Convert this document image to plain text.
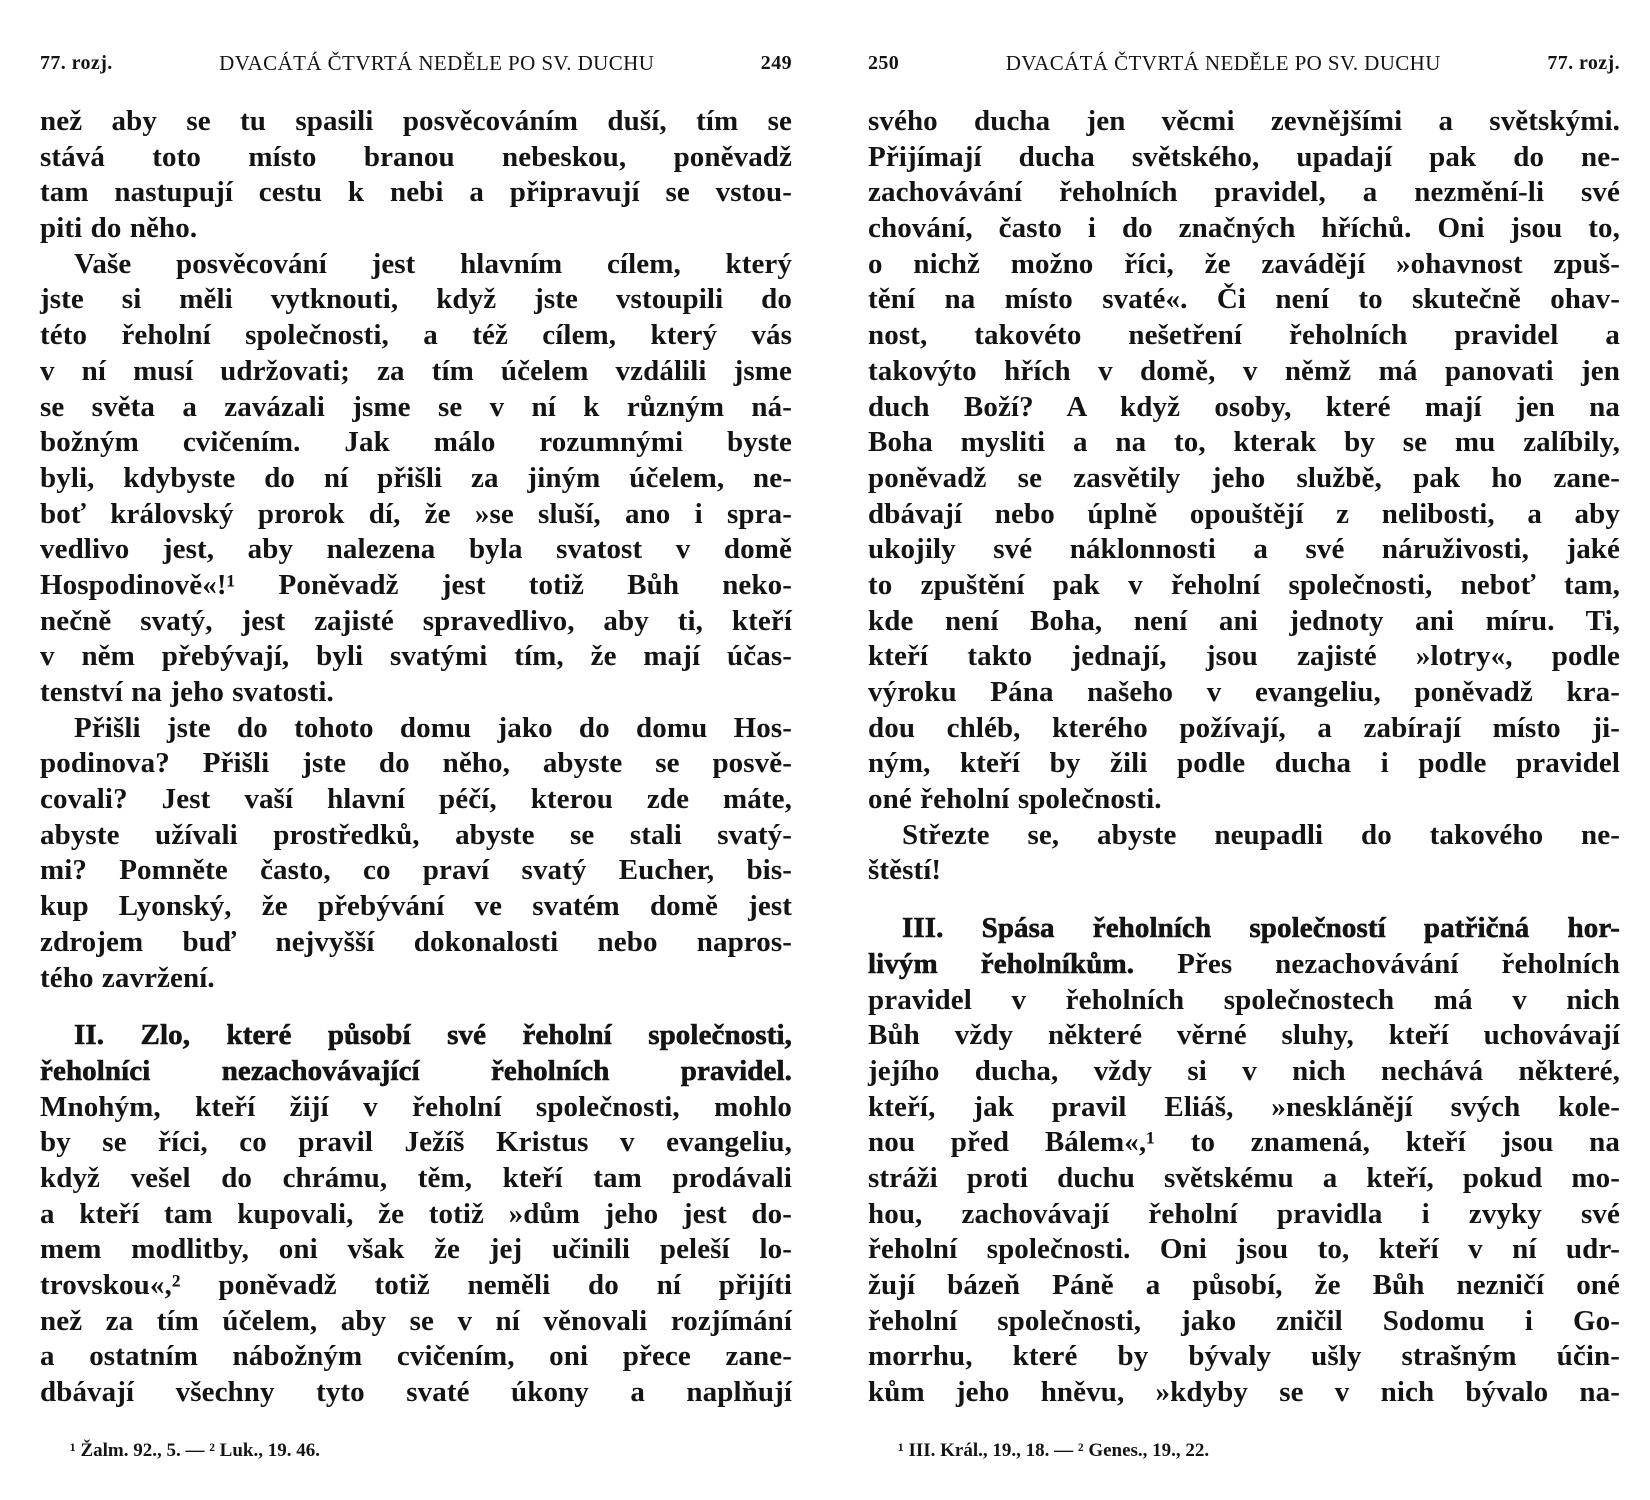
77. rozj.	DVACÁTÁ ČTVRTÁ NEDĚLE PO SV. DUCHU	249
než aby se tu spasili posvěcováním duší, tím se
stává toto místo branou nebeskou, poněvadž
tam nastupují cestu k nebi a připravují se vstou-
piti do něho.
Vaše posvěcování jest hlavním cílem, který
jste si měli vytknouti, když jste vstoupili do
této řeholní společnosti, a též cílem, který vás
v ní musí udržovati; za tím účelem vzdálili jsme
se světa a zavázali jsme se v ní k různým ná-
božným cvičením. Jak málo rozumnými byste
byli, kdybyste do ní přišli za jiným účelem, ne-
boť královský prorok dí, že »se sluší, ano i spra-
vedlivo jest, aby nalezena byla svatost v domě
Hospodinově«!¹ Poněvadž jest totiž Bůh neko-
nečně svatý, jest zajisté spravedlivo, aby ti, kteří
v něm přebývají, byli svatými tím, že mají účas-
tenství na jeho svatosti.
Přišli jste do tohoto domu jako do domu Hos-
podinova? Přišli jste do něho, abyste se posvě-
covali? Jest vaší hlavní péčí, kterou zde máte,
abyste užívali prostředků, abyste se stali svatý-
mi? Pomněte často, co praví svatý Eucher, bis-
kup Lyonský, že přebývání ve svatém domě jest
zdrojem buď nejvyšší dokonalosti nebo napros-
tého zavržení.
II. Zlo, které působí své řeholní společnosti,
řeholníci nezachovávající řeholních pravidel.
Mnohým, kteří žijí v řeholní společnosti, mohlo
by se říci, co pravil Ježíš Kristus v evangeliu,
když vešel do chrámu, těm, kteří tam prodávali
a kteří tam kupovali, že totiž »dům jeho jest do-
mem modlitby, oni však že jej učinili peleší lo-
trovskou«,² poněvadž totiž neměli do ní přijíti
než za tím účelem, aby se v ní věnovali rozjímání
a ostatním nábožným cvičením, oni přece zane-
dbávají všechny tyto svaté úkony a naplňují
¹ Žalm. 92., 5. — ² Luk., 19. 46.
250	DVACÁTÁ ČTVRTÁ NEDĚLE PO SV. DUCHU	77. rozj.
svého ducha jen věcmi zevnějšími a světskými.
Přijímají ducha světského, upadají pak do ne-
zachovávání řeholních pravidel, a nezmění-li své
chování, často i do značných hříchů. Oni jsou to,
o nichž možno říci, že zavádějí »ohavnost zpuš-
tění na místo svaté«. Či není to skutečně ohav-
nost, takovéto nešetření řeholních pravidel a
takovýto hřích v domě, v němž má panovati jen
duch Boží? A když osoby, které mají jen na
Boha mysliti a na to, kterak by se mu zalíbily,
poněvadž se zasvětily jeho službě, pak ho zane-
dbávají nebo úplně opouštějí z nelibosti, a aby
ukojily své náklonnosti a své náruživosti, jaké
to zpuštění pak v řeholní společnosti, neboť tam,
kde není Boha, není ani jednoty ani míru. Ti,
kteří takto jednají, jsou zajisté »lotry«, podle
výroku Pána našeho v evangeliu, poněvadž kra-
dou chléb, kterého požívají, a zabírají místo ji-
ným, kteří by žili podle ducha i podle pravidel
oné řeholní společnosti.
Střezte se, abyste neupadli do takového ne-
štěstí!
III. Spása řeholních společností patřičná hor-
livým řeholníkům. Přes nezachovávání řeholních
pravidel v řeholních společnostech má v nich
Bůh vždy některé věrné sluhy, kteří uchovávají
jejího ducha, vždy si v nich nechává některé,
kteří, jak pravil Eliáš, »nesklánějí svých kole-
nou před Bálem«,¹ to znamená, kteří jsou na
stráži proti duchu světskému a kteří, pokud mo-
hou, zachovávají řeholní pravidla i zvyky své
řeholní společnosti. Oni jsou to, kteří v ní udr-
žují bázeň Páně a působí, že Bůh nezničí oné
řeholní společnosti, jako zničil Sodomu i Go-
morrhu, které by bývaly ušly strašným účin-
kům jeho hněvu, »kdyby se v nich bývalo na-
¹ III. Král., 19., 18. — ² Genes., 19., 22.
